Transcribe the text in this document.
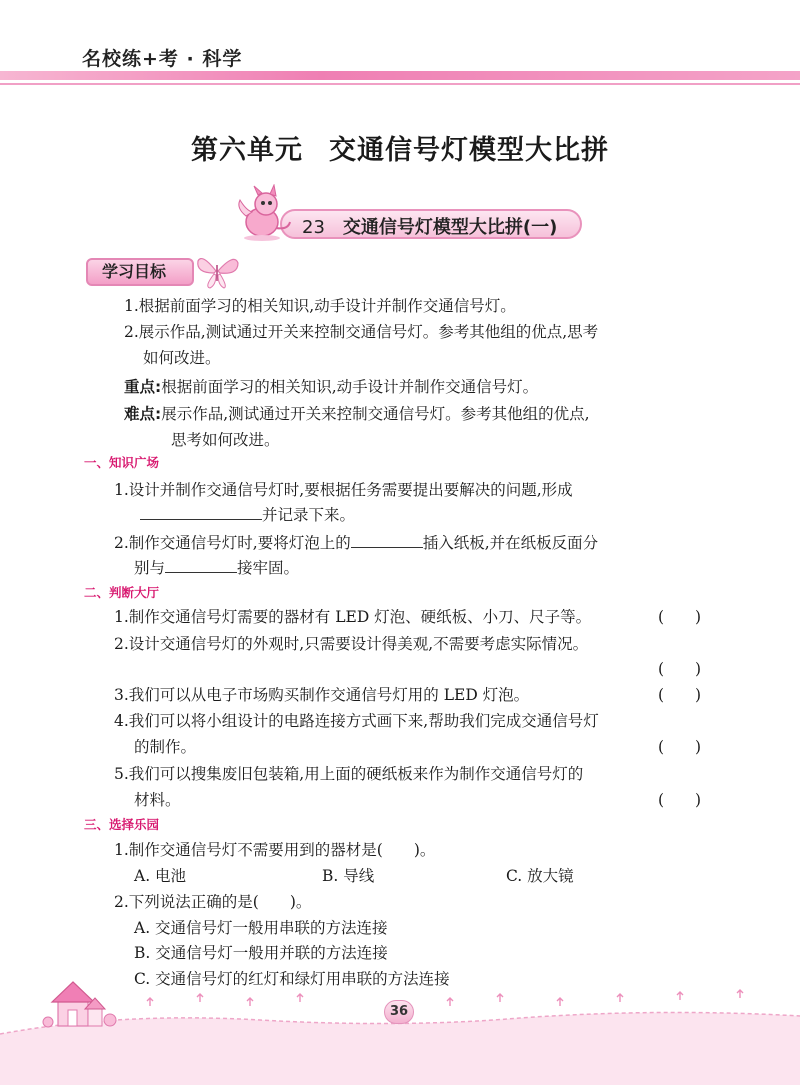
名校练+考 · 科学
第六单元 交通信号灯模型大比拼
23 交通信号灯模型大比拼(一)
学习目标
1.根据前面学习的相关知识,动手设计并制作交通信号灯。
2.展示作品,测试通过开关来控制交通信号灯。参考其他组的优点,思考
如何改进。
重点:根据前面学习的相关知识,动手设计并制作交通信号灯。
难点:展示作品,测试通过开关来控制交通信号灯。参考其他组的优点,
思考如何改进。
一、知识广场
1.设计并制作交通信号灯时,要根据任务需要提出要解决的问题,形成
并记录下来。
2.制作交通信号灯时,要将灯泡上的	插入纸板,并在纸板反面分
别与	接牢固。
二、判断大厅
1.制作交通信号灯需要的器材有 LED 灯泡、硬纸板、小刀、尺子等。	(　　)
2.设计交通信号灯的外观时,只需要设计得美观,不需要考虑实际情况。
(　　)
3.我们可以从电子市场购买制作交通信号灯用的 LED 灯泡。	(　　)
4.我们可以将小组设计的电路连接方式画下来,帮助我们完成交通信号灯
的制作。	(　　)
5.我们可以搜集废旧包装箱,用上面的硬纸板来作为制作交通信号灯的
材料。	(　　)
三、选择乐园
1.制作交通信号灯不需要用到的器材是(　　)。
A. 电池	B. 导线	C. 放大镜
2.下列说法正确的是(　　)。
A. 交通信号灯一般用串联的方法连接
B. 交通信号灯一般用并联的方法连接
C. 交通信号灯的红灯和绿灯用串联的方法连接
36
